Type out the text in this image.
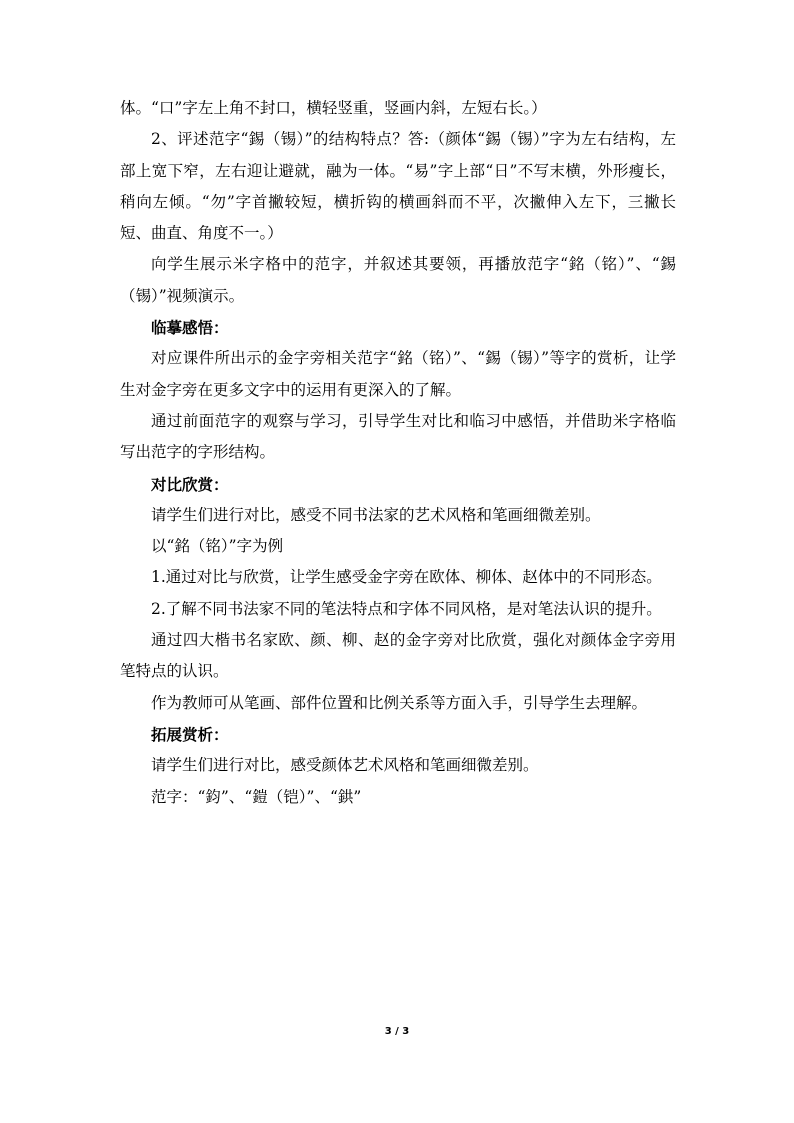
体。“口”字左上角不封口，横轻竖重，竖画内斜，左短右长。）

2、评述范字“錫（锡）”的结构特点？答:（颜体“錫（锡）”字为左右结构，左部上宽下窄，左右迎让避就，融为一体。“易”字上部“日”不写末横，外形瘦长，稍向左倾。“勿”字首撇较短，横折钩的横画斜而不平，次撇伸入左下，三撇长短、曲直、角度不一。）

向学生展示米字格中的范字，并叙述其要领，再播放范字“銘（铭）”、“錫（锡）”视频演示。

临摹感悟：

对应课件所出示的金字旁相关范字“銘（铭）”、“錫（锡）”等字的赏析，让学生对金字旁在更多文字中的运用有更深入的了解。

通过前面范字的观察与学习，引导学生对比和临习中感悟，并借助米字格临写出范字的字形结构。

对比欣赏：

请学生们进行对比，感受不同书法家的艺术风格和笔画细微差别。

以“銘（铭）”字为例

1.通过对比与欣赏，让学生感受金字旁在欧体、柳体、赵体中的不同形态。

2.了解不同书法家不同的笔法特点和字体不同风格，是对笔法认识的提升。

通过四大楷书名家欧、颜、柳、赵的金字旁对比欣赏，强化对颜体金字旁用笔特点的认识。

作为教师可从笔画、部件位置和比例关系等方面入手，引导学生去理解。

拓展赏析：

请学生们进行对比，感受颜体艺术风格和笔画细微差别。

范字：“鈞”、“鎧（铠）”、“鉷”

3 / 3
